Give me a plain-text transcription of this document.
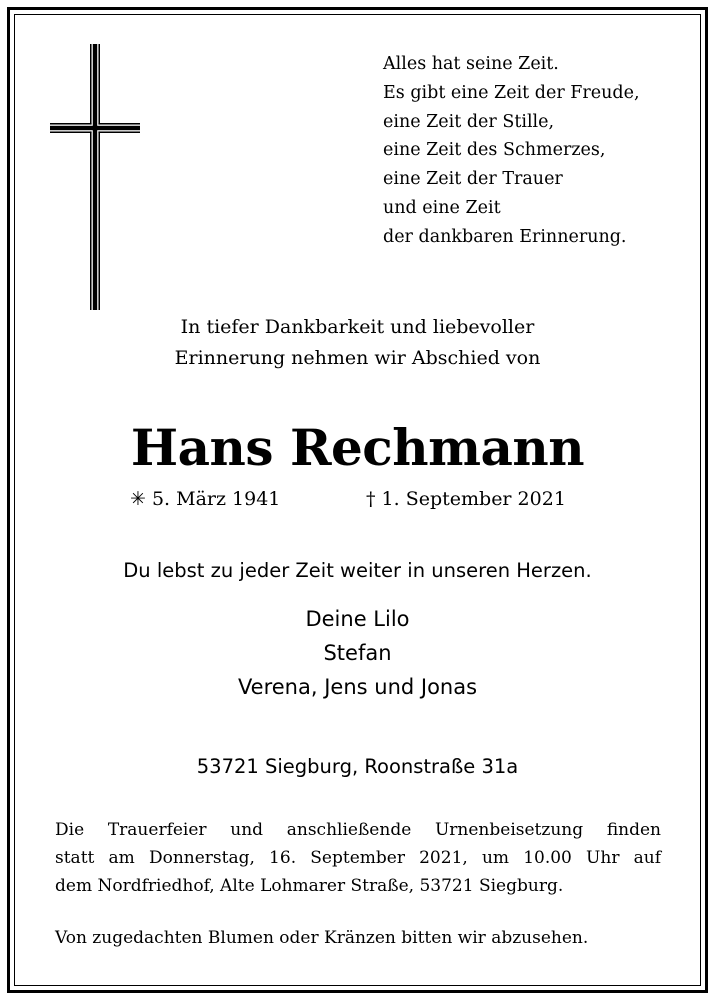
Alles hat seine Zeit.
Es gibt eine Zeit der Freude,
eine Zeit der Stille,
eine Zeit des Schmerzes,
eine Zeit der Trauer
und eine Zeit
der dankbaren Erinnerung.
In tiefer Dankbarkeit und liebevoller
Erinnerung nehmen wir Abschied von
Hans Rechmann
✳ 5. März 1941	† 1. September 2021
Du lebst zu jeder Zeit weiter in unseren Herzen.
Deine Lilo
Stefan
Verena, Jens und Jonas
53721 Siegburg, Roonstraße 31a
Die Trauerfeier und anschließende Urnenbeisetzung finden
statt am Donnerstag, 16. September 2021, um 10.00 Uhr auf
dem Nordfriedhof, Alte Lohmarer Straße, 53721 Siegburg.
Von zugedachten Blumen oder Kränzen bitten wir abzusehen.
